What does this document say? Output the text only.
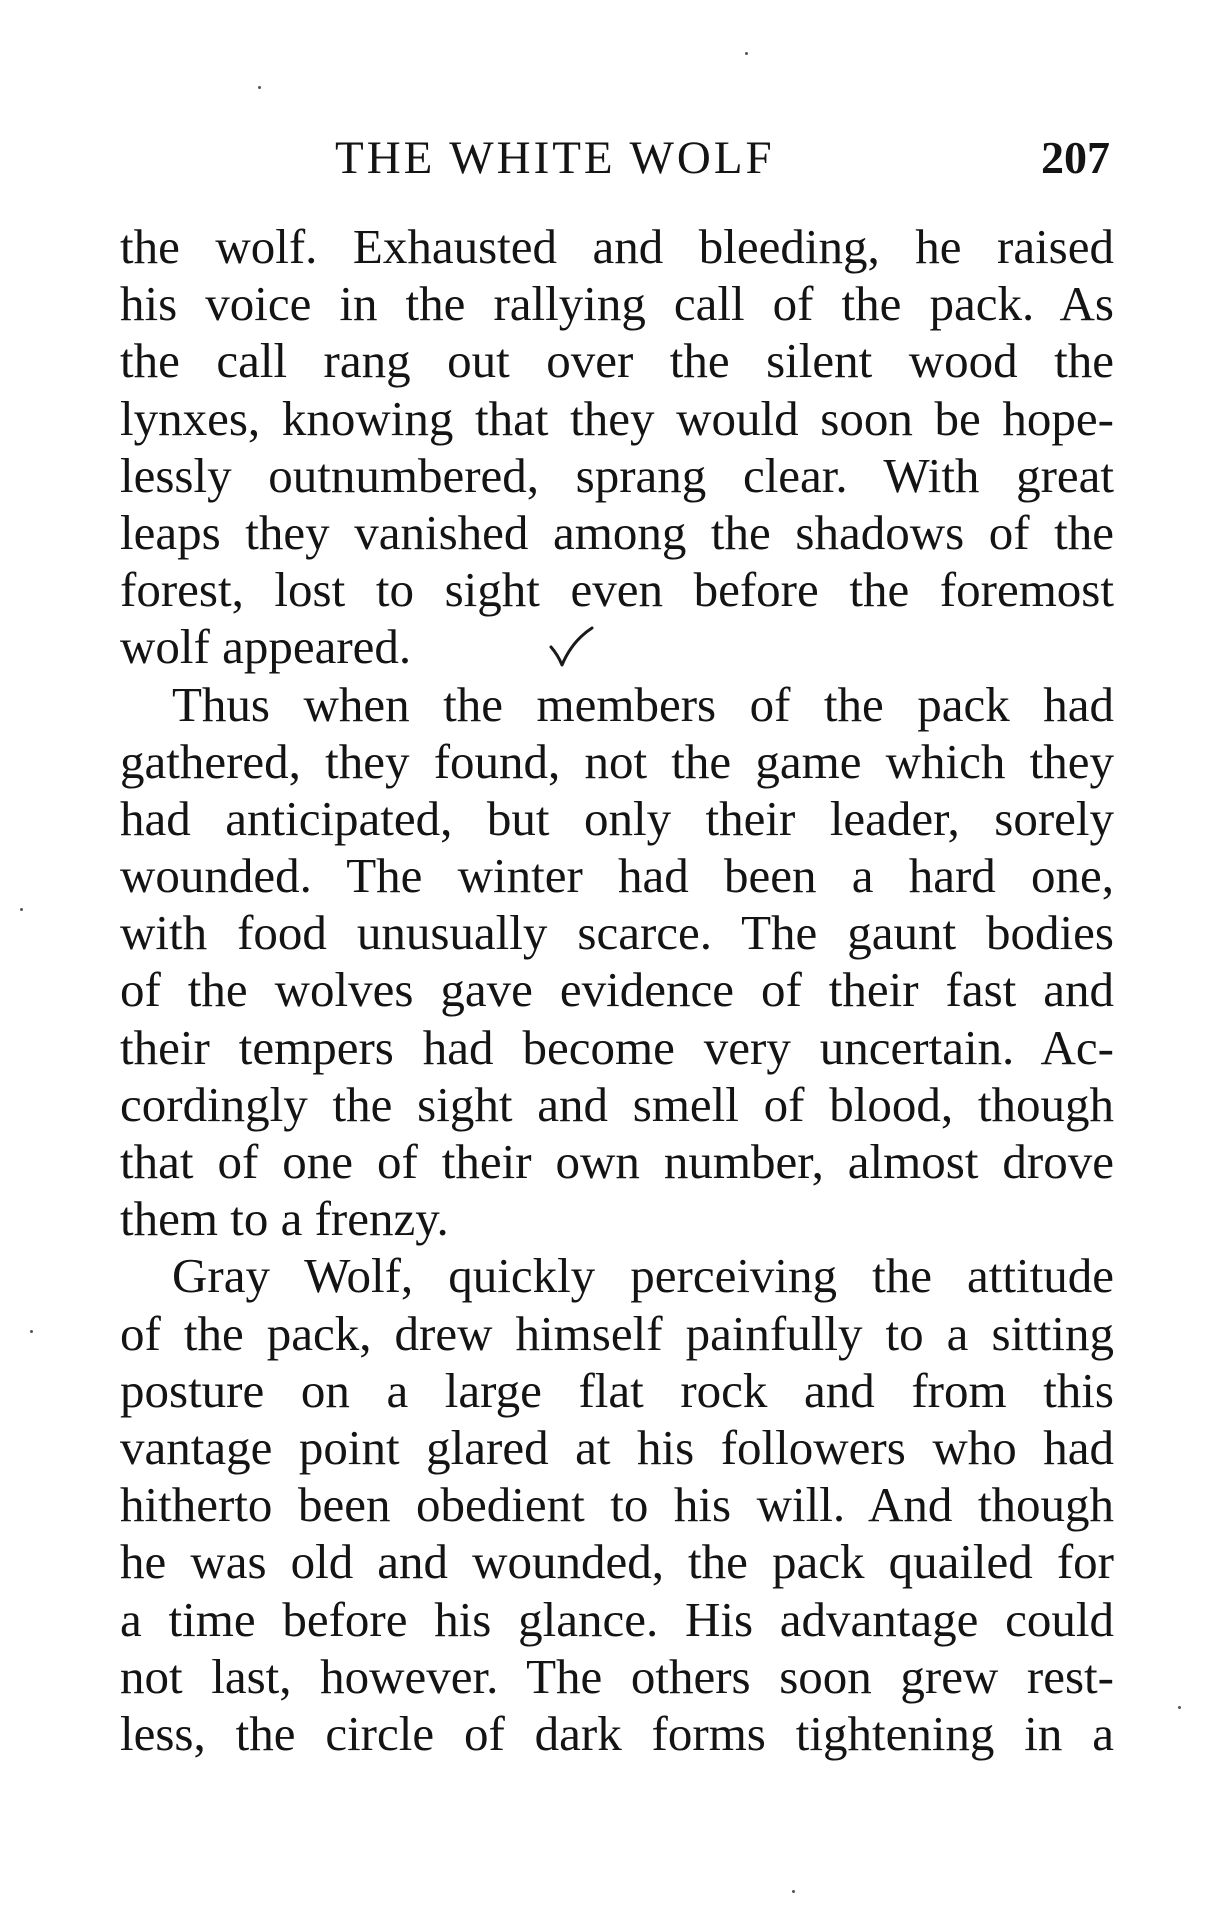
THE WHITE WOLF	207
the wolf. Exhausted and bleeding, he raised
his voice in the rallying call of the pack. As
the call rang out over the silent wood the
lynxes, knowing that they would soon be hope-
lessly outnumbered, sprang clear. With great
leaps they vanished among the shadows of the
forest, lost to sight even before the foremost
wolf appeared.
Thus when the members of the pack had
gathered, they found, not the game which they
had anticipated, but only their leader, sorely
wounded. The winter had been a hard one,
with food unusually scarce. The gaunt bodies
of the wolves gave evidence of their fast and
their tempers had become very uncertain. Ac-
cordingly the sight and smell of blood, though
that of one of their own number, almost drove
them to a frenzy.
Gray Wolf, quickly perceiving the attitude
of the pack, drew himself painfully to a sitting
posture on a large flat rock and from this
vantage point glared at his followers who had
hitherto been obedient to his will. And though
he was old and wounded, the pack quailed for
a time before his glance. His advantage could
not last, however. The others soon grew rest-
less, the circle of dark forms tightening in a
